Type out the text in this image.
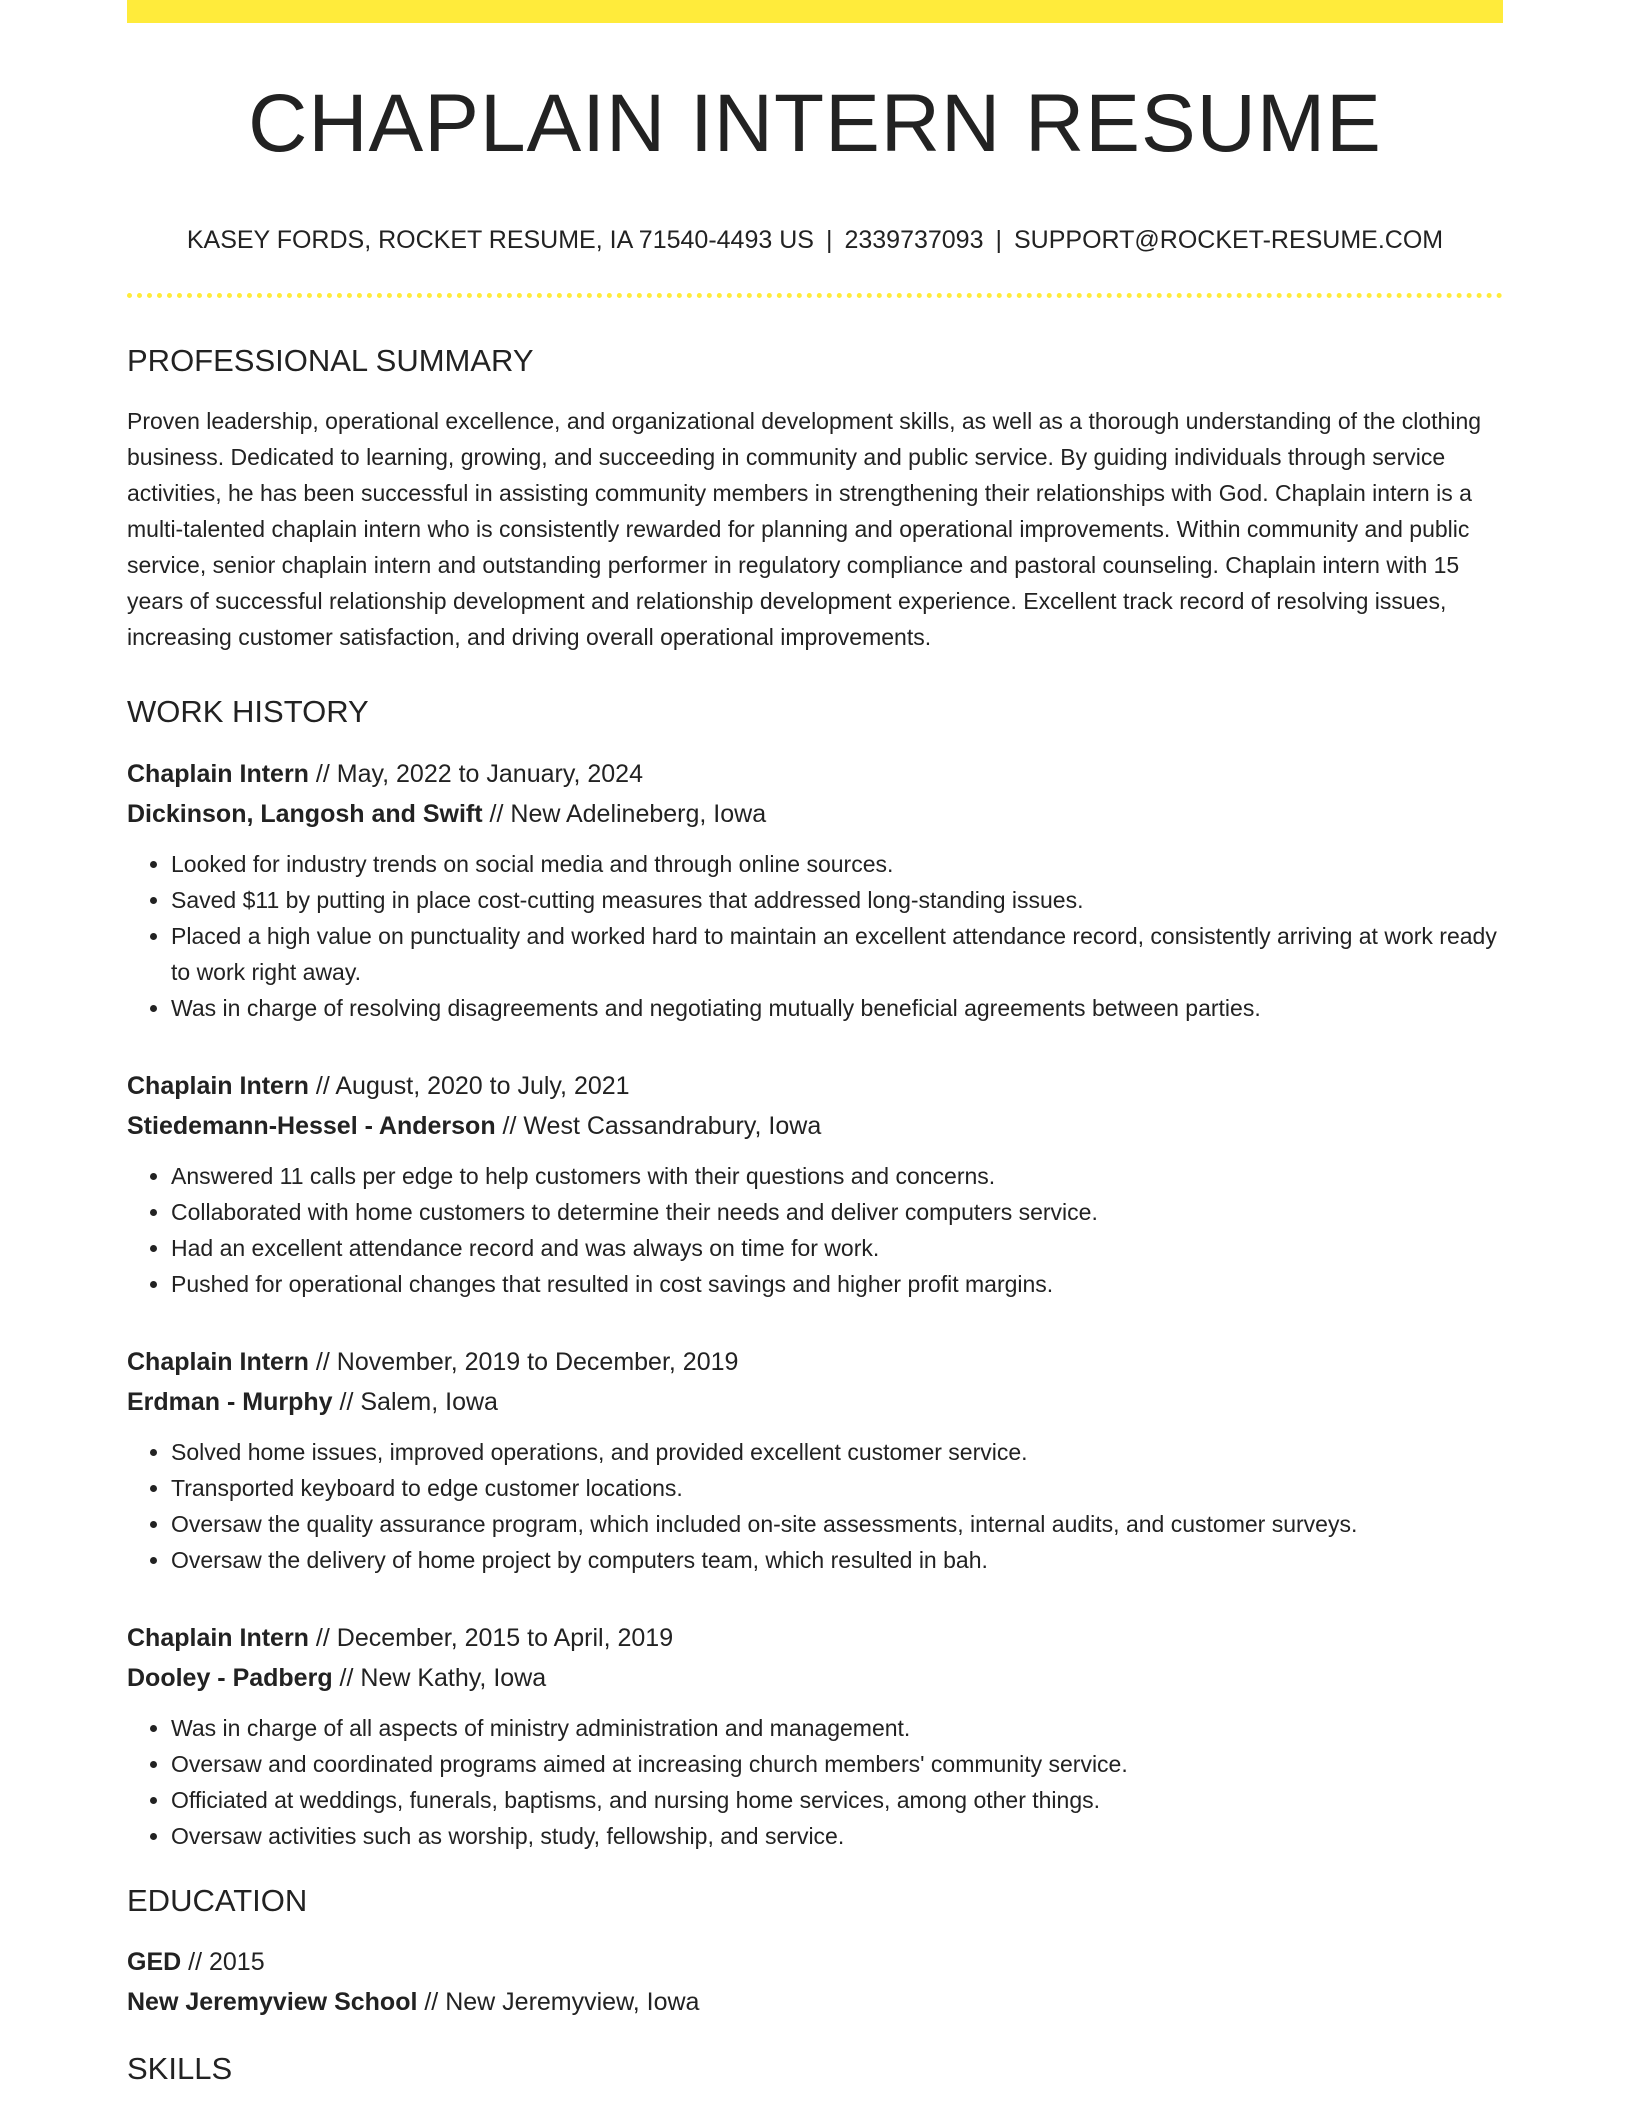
CHAPLAIN INTERN RESUME
KASEY FORDS, ROCKET RESUME, IA 71540-4493 US | 2339737093 | SUPPORT@ROCKET-RESUME.COM
PROFESSIONAL SUMMARY
Proven leadership, operational excellence, and organizational development skills, as well as a thorough understanding of the clothing business. Dedicated to learning, growing, and succeeding in community and public service. By guiding individuals through service activities, he has been successful in assisting community members in strengthening their relationships with God. Chaplain intern is a multi-talented chaplain intern who is consistently rewarded for planning and operational improvements. Within community and public service, senior chaplain intern and outstanding performer in regulatory compliance and pastoral counseling. Chaplain intern with 15 years of successful relationship development and relationship development experience. Excellent track record of resolving issues, increasing customer satisfaction, and driving overall operational improvements.
WORK HISTORY
Chaplain Intern // May, 2022 to January, 2024
Dickinson, Langosh and Swift // New Adelineberg, Iowa
• Looked for industry trends on social media and through online sources.
• Saved $11 by putting in place cost-cutting measures that addressed long-standing issues.
• Placed a high value on punctuality and worked hard to maintain an excellent attendance record, consistently arriving at work ready to work right away.
• Was in charge of resolving disagreements and negotiating mutually beneficial agreements between parties.
Chaplain Intern // August, 2020 to July, 2021
Stiedemann-Hessel - Anderson // West Cassandrabury, Iowa
• Answered 11 calls per edge to help customers with their questions and concerns.
• Collaborated with home customers to determine their needs and deliver computers service.
• Had an excellent attendance record and was always on time for work.
• Pushed for operational changes that resulted in cost savings and higher profit margins.
Chaplain Intern // November, 2019 to December, 2019
Erdman - Murphy // Salem, Iowa
• Solved home issues, improved operations, and provided excellent customer service.
• Transported keyboard to edge customer locations.
• Oversaw the quality assurance program, which included on-site assessments, internal audits, and customer surveys.
• Oversaw the delivery of home project by computers team, which resulted in bah.
Chaplain Intern // December, 2015 to April, 2019
Dooley - Padberg // New Kathy, Iowa
• Was in charge of all aspects of ministry administration and management.
• Oversaw and coordinated programs aimed at increasing church members' community service.
• Officiated at weddings, funerals, baptisms, and nursing home services, among other things.
• Oversaw activities such as worship, study, fellowship, and service.
EDUCATION
GED // 2015
New Jeremyview School // New Jeremyview, Iowa
SKILLS
